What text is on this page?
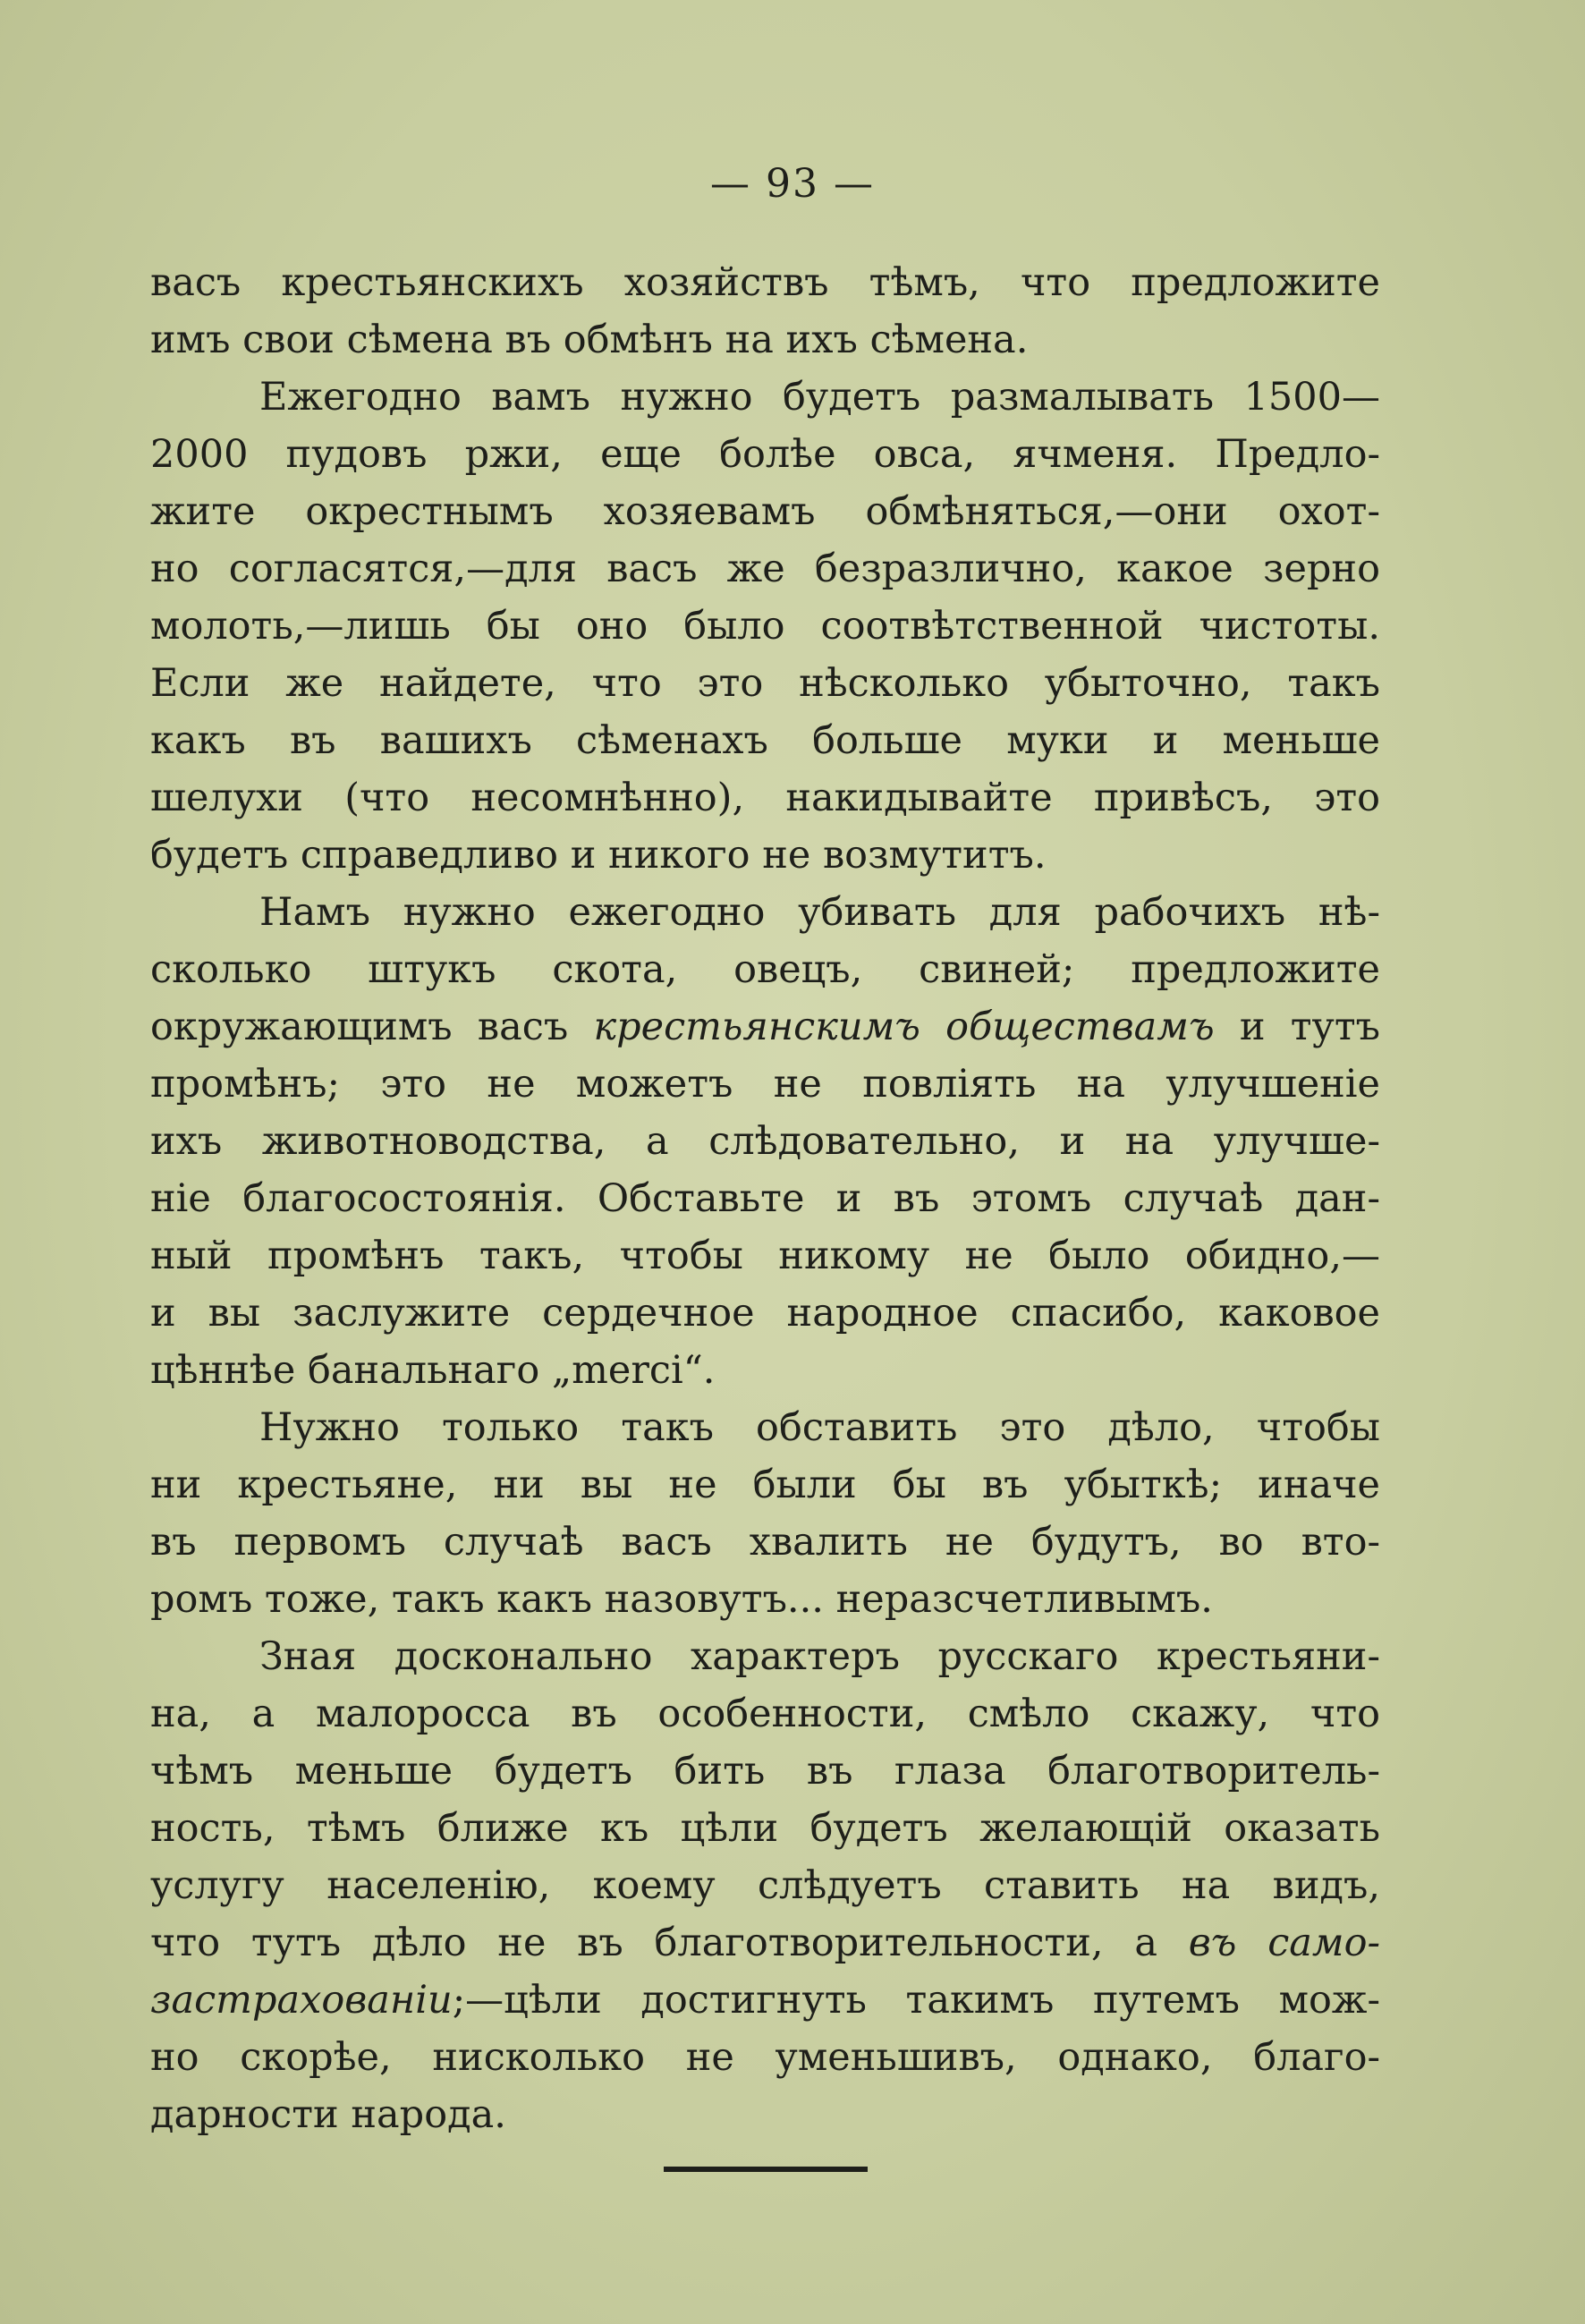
— 93 —
васъ крестьянскихъ хозяйствъ тѣмъ, что предложите
имъ свои сѣмена въ обмѣнъ на ихъ сѣмена.
Ежегодно вамъ нужно будетъ размалывать 1500—
2000 пудовъ ржи, еще болѣе овса, ячменя. Предло-
жите окрестнымъ хозяевамъ обмѣняться,—они охот-
но согласятся,—для васъ же безразлично, какое зерно
молоть,—лишь бы оно было соотвѣтственной чистоты.
Если же найдете, что это нѣсколько убыточно, такъ
какъ въ вашихъ сѣменахъ больше муки и меньше
шелухи (что несомнѣнно), накидывайте привѣсъ, это
будетъ справедливо и никого не возмутитъ.
Намъ нужно ежегодно убивать для рабочихъ нѣ-
сколько штукъ скота, овецъ, свиней; предложите
окружающимъ васъ крестьянскимъ обществамъ и тутъ
промѣнъ; это не можетъ не повліять на улучшеніе
ихъ животноводства, а слѣдовательно, и на улучше-
ніе благосостоянія. Обставьте и въ этомъ случаѣ дан-
ный промѣнъ такъ, чтобы никому не было обидно,—
и вы заслужите сердечное народное спасибо, каковое
цѣннѣе банальнаго „merci“.
Нужно только такъ обставить это дѣло, чтобы
ни крестьяне, ни вы не были бы въ убыткѣ; иначе
въ первомъ случаѣ васъ хвалить не будутъ, во вто-
ромъ тоже, такъ какъ назовутъ... неразсчетливымъ.
Зная досконально характеръ русскаго крестьяни-
на, а малоросса въ особенности, смѣло скажу, что
чѣмъ меньше будетъ бить въ глаза благотворитель-
ность, тѣмъ ближе къ цѣли будетъ желающій оказать
услугу населенію, коему слѣдуетъ ставить на видъ,
что тутъ дѣло не въ благотворительности, а въ само-
застрахованіи;—цѣли достигнуть такимъ путемъ мож-
но скорѣе, нисколько не уменьшивъ, однако, благо-
дарности народа.
